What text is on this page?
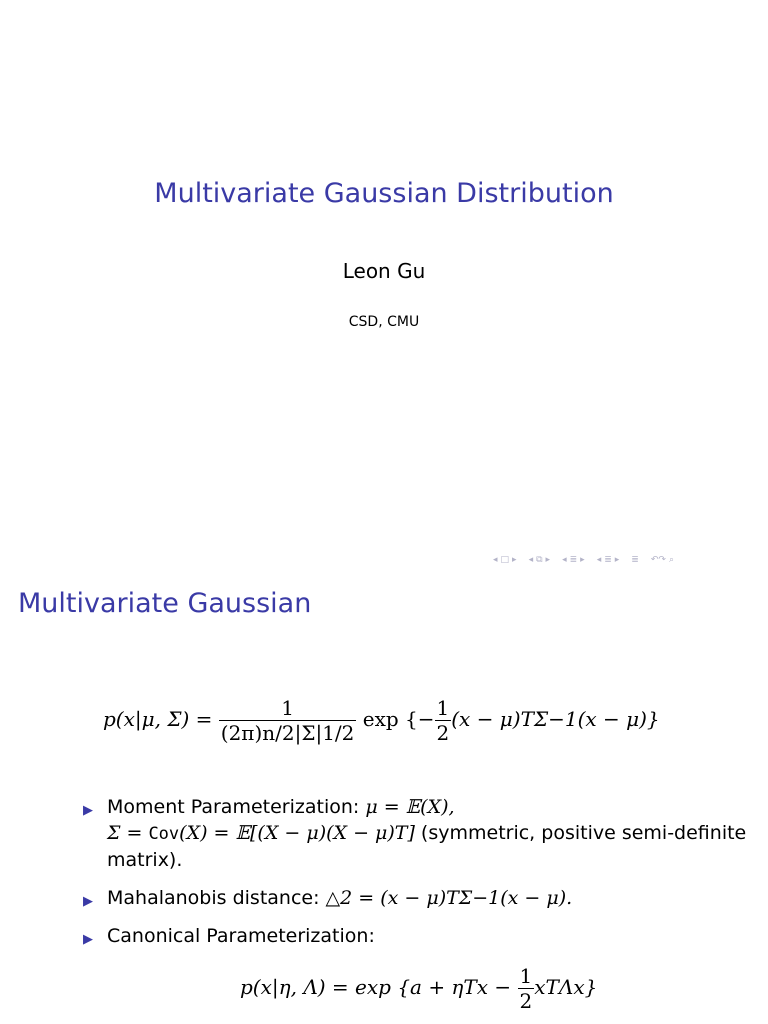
Multivariate Gaussian Distribution
Leon Gu
CSD, CMU
◂ □ ▸ ◂ ⧉ ▸ ◂ ≣ ▸ ◂ ≣ ▸ ≣ ↶↷ ⌕
Multivariate Gaussian
p(x|μ, $\Sigma) = \frac{1}{(2\pi)n/2|\Sigma|1/2}$ exp {− $\frac{1}{2} (x - \mu)T\Sigma-1(x - \mu)$}
▶ Moment Parameterization: μ = 𝔼(X),
Σ = Cov(X) = 𝔼[(X − μ)(X − μ)T] (symmetric, positive semi-definite matrix).
▶ Mahalanobis distance: △2 = (x − μ)TΣ−1(x − μ).
▶ Canonical Parameterization:
p(x|η, $\Lambda) = \exp \{a + \eta Tx - \frac{1}{2} xT\Lambda x\}$
